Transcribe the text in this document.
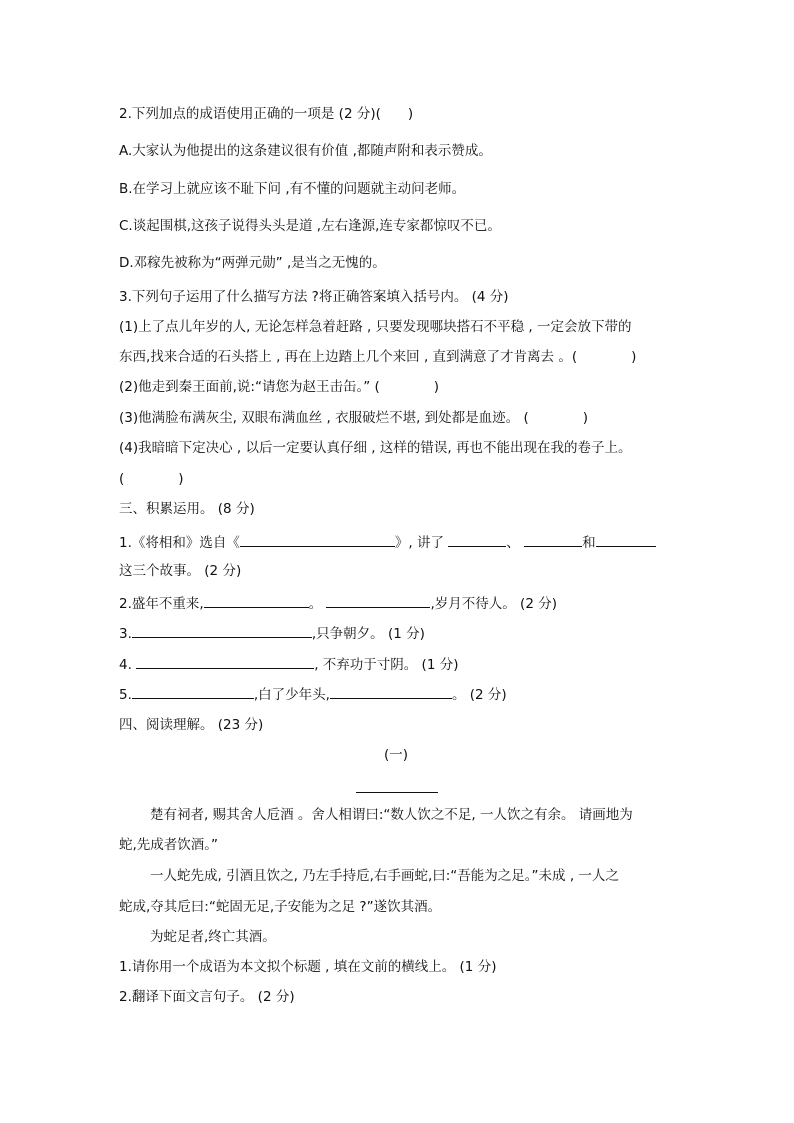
2.下列加点的成语使用正确的一项是 (2 分)(　　)
A.大家认为他提出的这条建议很有价值 ,都随声附和表示赞成。
B.在学习上就应该不耻下问 ,有不懂的问题就主动问老师。
C.谈起围棋,这孩子说得头头是道 ,左右逢源,连专家都惊叹不已。
D.邓稼先被称为“两弹元勋” ,是当之无愧的。
3.下列句子运用了什么描写方法 ?将正确答案填入括号内。 (4 分)
(1)上了点儿年岁的人, 无论怎样急着赶路 , 只要发现哪块搭石不平稳 , 一定会放下带的
东西,找来合适的石头搭上 , 再在上边踏上几个来回 , 直到满意了才肯离去 。(　　　　)
(2)他走到秦王面前,说:“请您为赵王击缶。” (　　　　)
(3)他满脸布满灰尘, 双眼布满血丝 , 衣服破烂不堪, 到处都是血迹。 (　　　　)
(4)我暗暗下定决心 , 以后一定要认真仔细 , 这样的错误, 再也不能出现在我的卷子上。
(　　　　)
三、积累运用。 (8 分)
1.《将相和》选自《	》, 讲了	、	和
这三个故事。 (2 分)
2.盛年不重来,	。	,岁月不待人。 (2 分)
3.	,只争朝夕。 (1 分)
4.	, 不弃功于寸阴。 (1 分)
5.	,白了少年头,	。 (2 分)
四、阅读理解。 (23 分)
(一)
楚有祠者, 赐其舍人卮酒 。舍人相谓曰:“数人饮之不足, 一人饮之有余。 请画地为
蛇,先成者饮酒。”
一人蛇先成, 引酒且饮之, 乃左手持卮,右手画蛇,曰:“吾能为之足。”未成 , 一人之
蛇成,夺其卮曰:“蛇固无足,子安能为之足 ?”遂饮其酒。
为蛇足者,终亡其酒。
1.请你用一个成语为本文拟个标题 , 填在文前的横线上。 (1 分)
2.翻译下面文言句子。 (2 分)
